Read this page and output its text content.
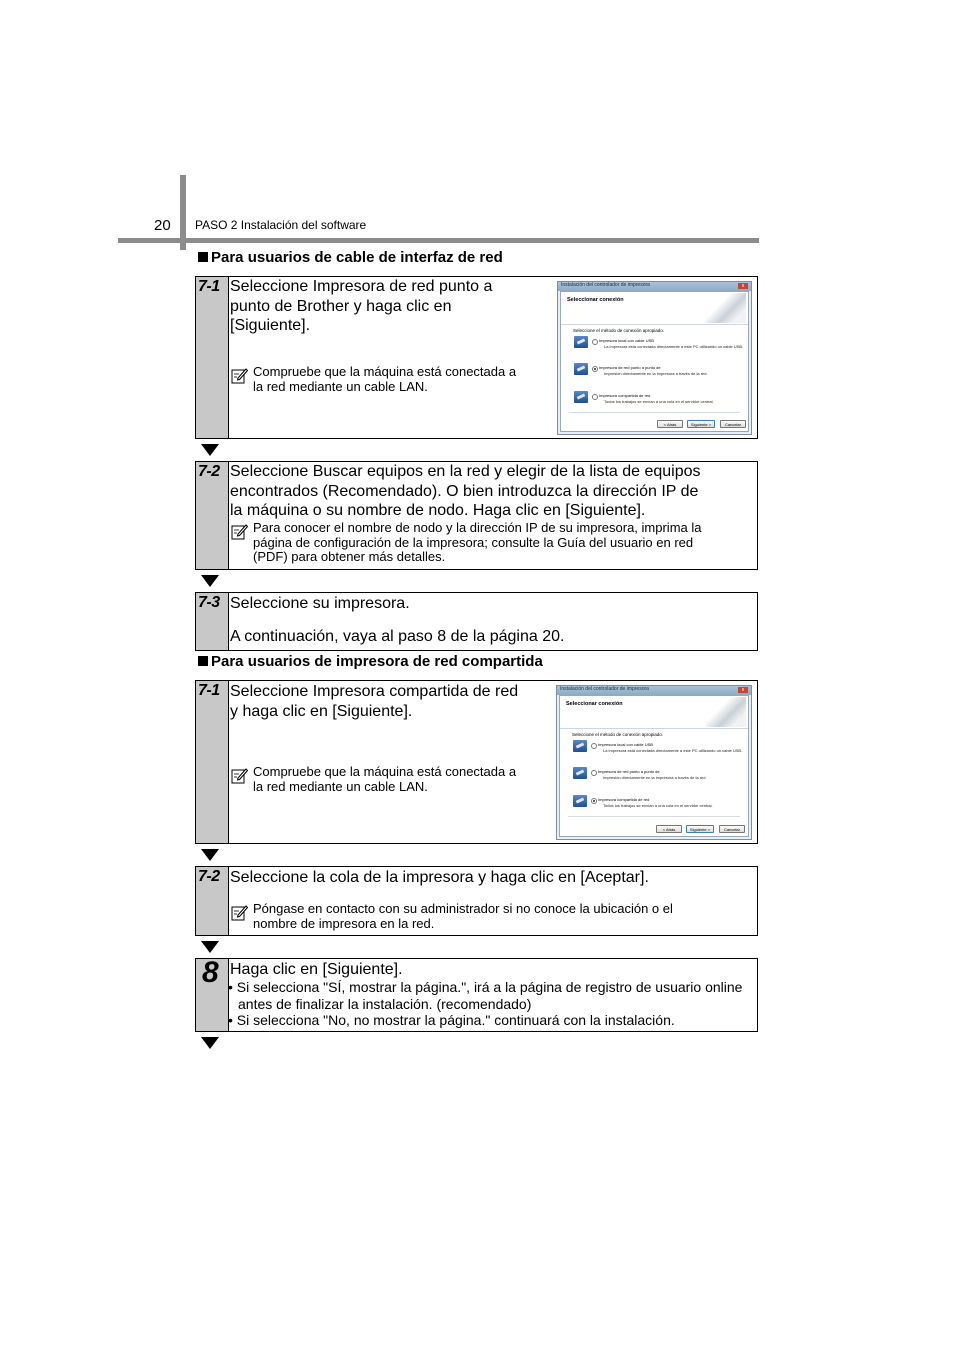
20 PASO 2 Instalación del software
Para usuarios de cable de interfaz de red
7-1 Seleccione Impresora de red punto a
punto de Brother y haga clic en
[Siguiente].
Compruebe que la máquina está conectada a
la red mediante un cable LAN.
Instalación del controlador de impresora	x
Seleccionar conexión
Seleccione el método de conexión apropiado.
Impresora local con cable USB
La impresora está conectada directamente a este PC utilizando un cable USB.
Impresora de red punto a punto de
Impresión directamente en la impresora a través de la red.
Impresora compartida de red
Todos los trabajos se envían a una cola en el servidor central.
< Atrás	Siguiente >	Cancelar
7-2 Seleccione Buscar equipos en la red y elegir de la lista de equipos
encontrados (Recomendado). O bien introduzca la dirección IP de
la máquina o su nombre de nodo. Haga clic en [Siguiente].
Para conocer el nombre de nodo y la dirección IP de su impresora, imprima la
página de configuración de la impresora; consulte la Guía del usuario en red
(PDF) para obtener más detalles.
7-3 Seleccione su impresora.
A continuación, vaya al paso 8 de la página 20.
Para usuarios de impresora de red compartida
7-1 Seleccione Impresora compartida de red
y haga clic en [Siguiente].
Compruebe que la máquina está conectada a
la red mediante un cable LAN.
Instalación del controlador de impresora	x
Seleccionar conexión
Seleccione el método de conexión apropiado.
Impresora local con cable USB
La impresora está conectada directamente a este PC utilizando un cable USB.
Impresora de red punto a punto de
Impresión directamente en la impresora a través de la red.
Impresora compartida de red
Todos los trabajos se envían a una cola en el servidor central.
< Atrás	Siguiente >	Cancelar
7-2 Seleccione la cola de la impresora y haga clic en [Aceptar].
Póngase en contacto con su administrador si no conoce la ubicación o el
nombre de impresora en la red.
8 Haga clic en [Siguiente].
• Si selecciona "SÍ, mostrar la página.", irá a la página de registro de usuario online
antes de finalizar la instalación. (recomendado)
• Si selecciona "No, no mostrar la página." continuará con la instalación.
